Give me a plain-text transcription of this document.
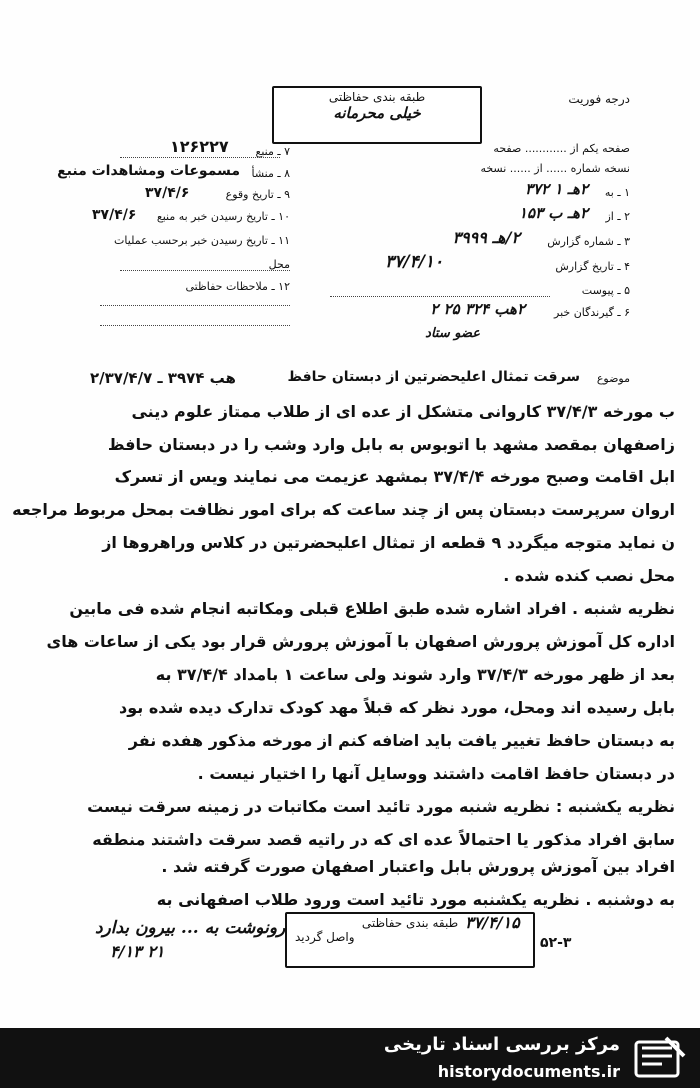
درجه فوریت
طبقه بندی حفاظتی
خیلی محرمانه
۱۲۶۲۲۷	صفحه یکم از ............ صفحه
نسخه شماره ...... از ...... نسخه
۷ ـ منبع
۸ ـ منشأ
مسموعات ومشاهدات منبع
۹ ـ تاریخ وقوع
۳۷/۴/۶
۱۰ ـ تاریخ رسیدن خبر به منبع
۳۷/۴/۶
۱۱ ـ تاریخ رسیدن خبر برحسب عملیات
محل
۱۲ ـ ملاحظات حفاظتی
۱ ـ به
۲هـ ۱ ۳۷۲
۲ ـ از
۲هـ ب ۱۵۳
۳ ـ شماره گزارش
۲/هـ ۳۹۹۹
۴ ـ تاریخ گزارش
۳۷/۴/۱۰
۵ ـ پیوست
۶ ـ گیرندگان خبر
۲هب ۳۲۴ ۲۵ ۲
عضو ستاد
موضوع
سرقت تمثال اعلیحضرتین از دبستان حافظ
۲/هب ۳۹۷۴ ـ ۳۷/۴/۷
ب مورخه ۳۷/۴/۳ کاروانی متشکل از عده ای از طلاب ممتاز علوم دینی
زاصفهان بمقصد مشهد با اتوبوس به بابل وارد وشب را در دبستان حافظ
ابل اقامت وصبح مورخه ۳۷/۴/۴ بمشهد عزیمت می نمایند ویس از تسرک
اروان سرپرست دبستان پس از چند ساعت که برای امور نظافت بمحل مربوط مراجعه
ن نماید متوجه میگردد ۹ قطعه از تمثال اعلیحضرتین در کلاس وراهروها از
محل نصب کنده شده .
نظریه شنبه . افراد اشاره شده طبق اطلاع قبلی ومکاتبه انجام شده فی مابین
اداره کل آموزش پرورش اصفهان با آموزش پرورش قرار بود یکی از ساعات های
بعد از ظهر مورخه ۳۷/۴/۳ وارد شوند ولی ساعت ۱ بامداد ۳۷/۴/۴ به
بابل رسیده اند ومحل، مورد نظر که قبلاً مهد کودک تدارک دیده شده بود
به دبستان حافظ تغییر یافت باید اضافه کنم از مورخه مذکور هفده نفر
در دبستان حافظ اقامت داشتند ووسایل آنها را اختیار نیست .
نظریه یکشنبه : نظریه شنبه مورد تائید است مکاتبات در زمینه سرقت نیست
سابق افراد مذکور یا احتمالاً عده ای که در راتیه قصد سرقت داشتند منطقه
افراد بین آموزش پرورش بابل واعتبار اصفهان صورت گرفته شد .
به دوشنبه . نظریه یکشنبه مورد تائید است ورود طلاب اصفهانی به
طبقه بندی حفاظتی
واصل گردید
۳۷/۴/۱۵
۵۲-۳
رونوشت به ... بیرون بدارد
۴/۱۳ ۲۱
مرکز بررسی اسناد تاریخی
historydocuments.ir
